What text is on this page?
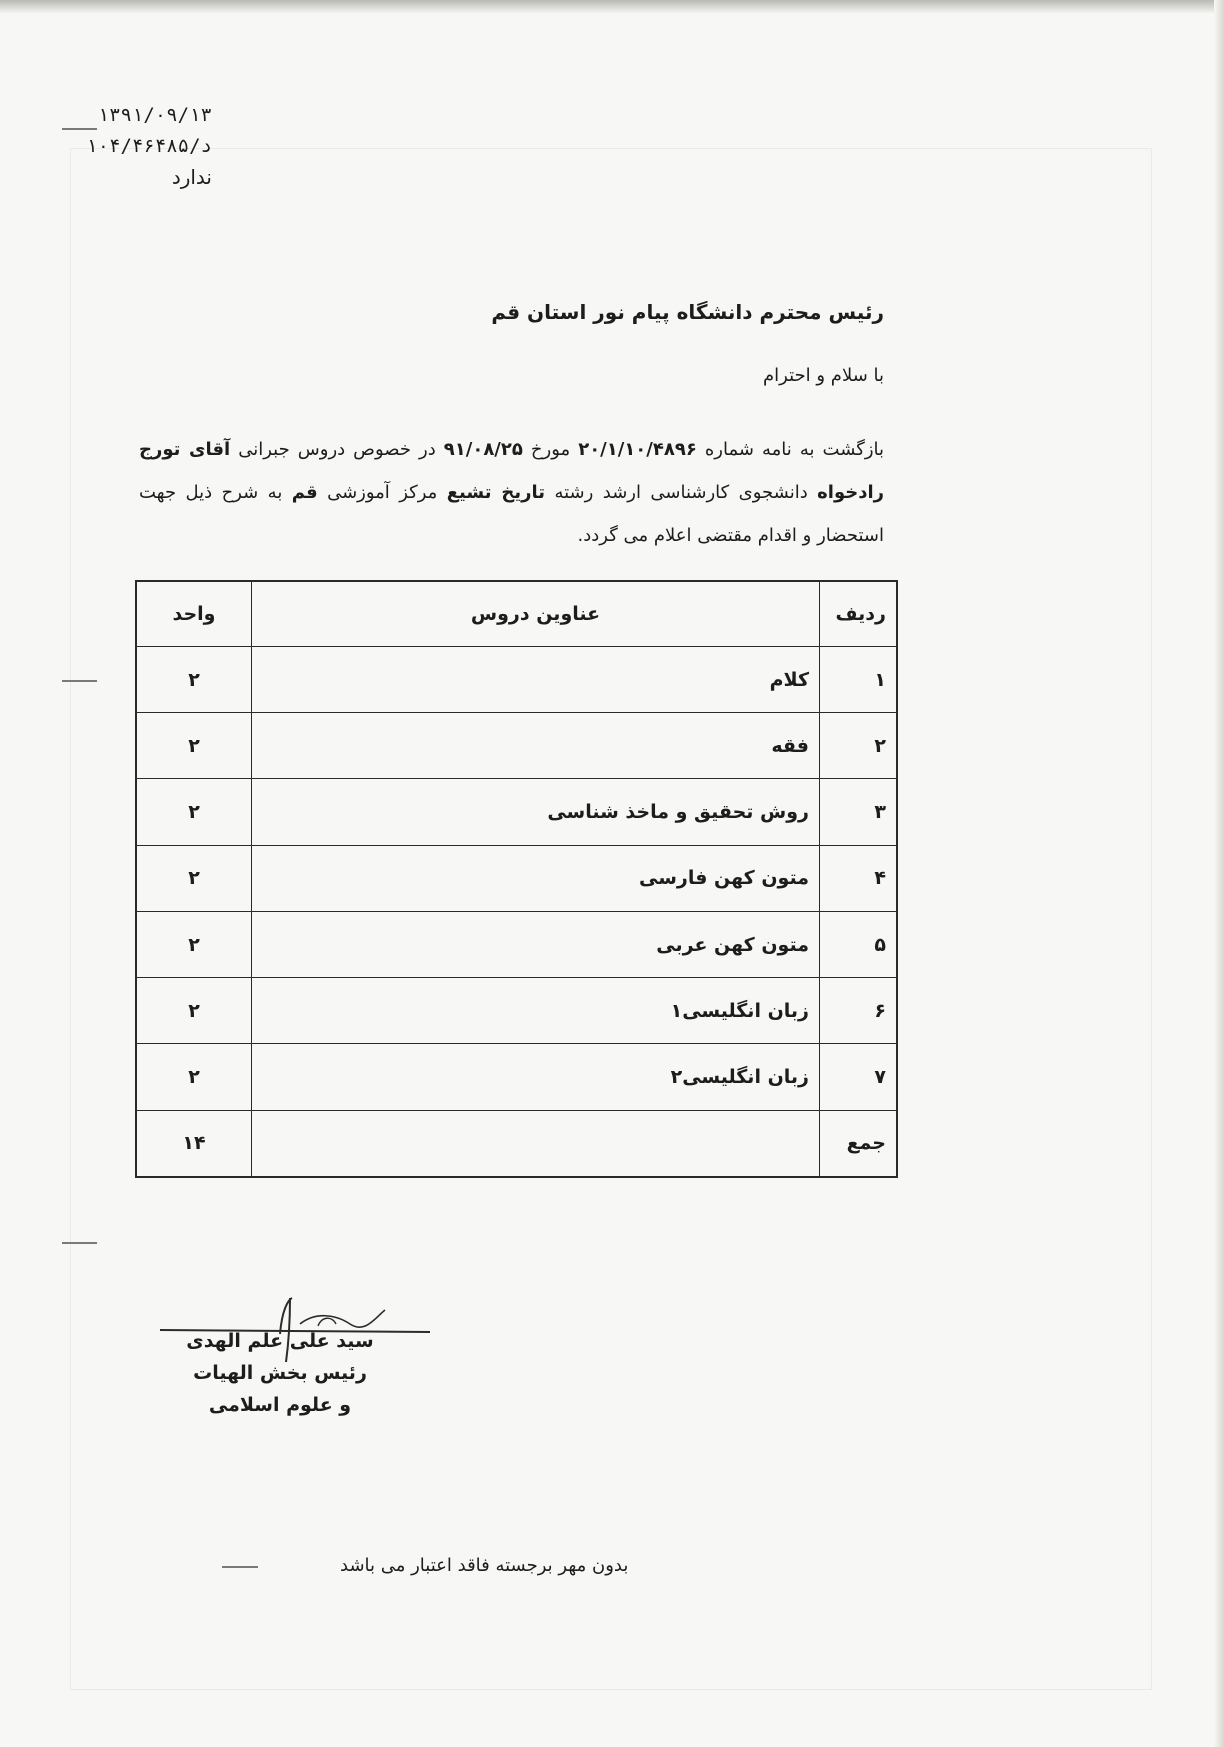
۱۳۹۱/۰۹/۱۳
د/۱۰۴/۴۶۴۸۵
ندارد
رئیس محترم دانشگاه پیام نور استان قم
با سلام و احترام
بازگشت به نامه شماره ۲۰/۱/۱۰/۴۸۹۶ مورخ ۹۱/۰۸/۲۵ در خصوص دروس جبرانی آقای تورج رادخواه دانشجوی کارشناسی ارشد رشته تاریخ تشیع مرکز آموزشی قم به شرح ذیل جهت استحضار و اقدام مقتضی اعلام می گردد.
ردیف	عناوین دروس	واحد
۱	کلام	۲
۲	فقه	۲
۳	روش تحقیق و ماخذ شناسی	۲
۴	متون کهن فارسی	۲
۵	متون کهن عربی	۲
۶	زبان انگلیسی۱	۲
۷	زبان انگلیسی۲	۲
جمع		۱۴
سید علی علم الهدی
رئیس بخش الهیات
و علوم اسلامی
بدون مهر برجسته فاقد اعتبار می باشد
